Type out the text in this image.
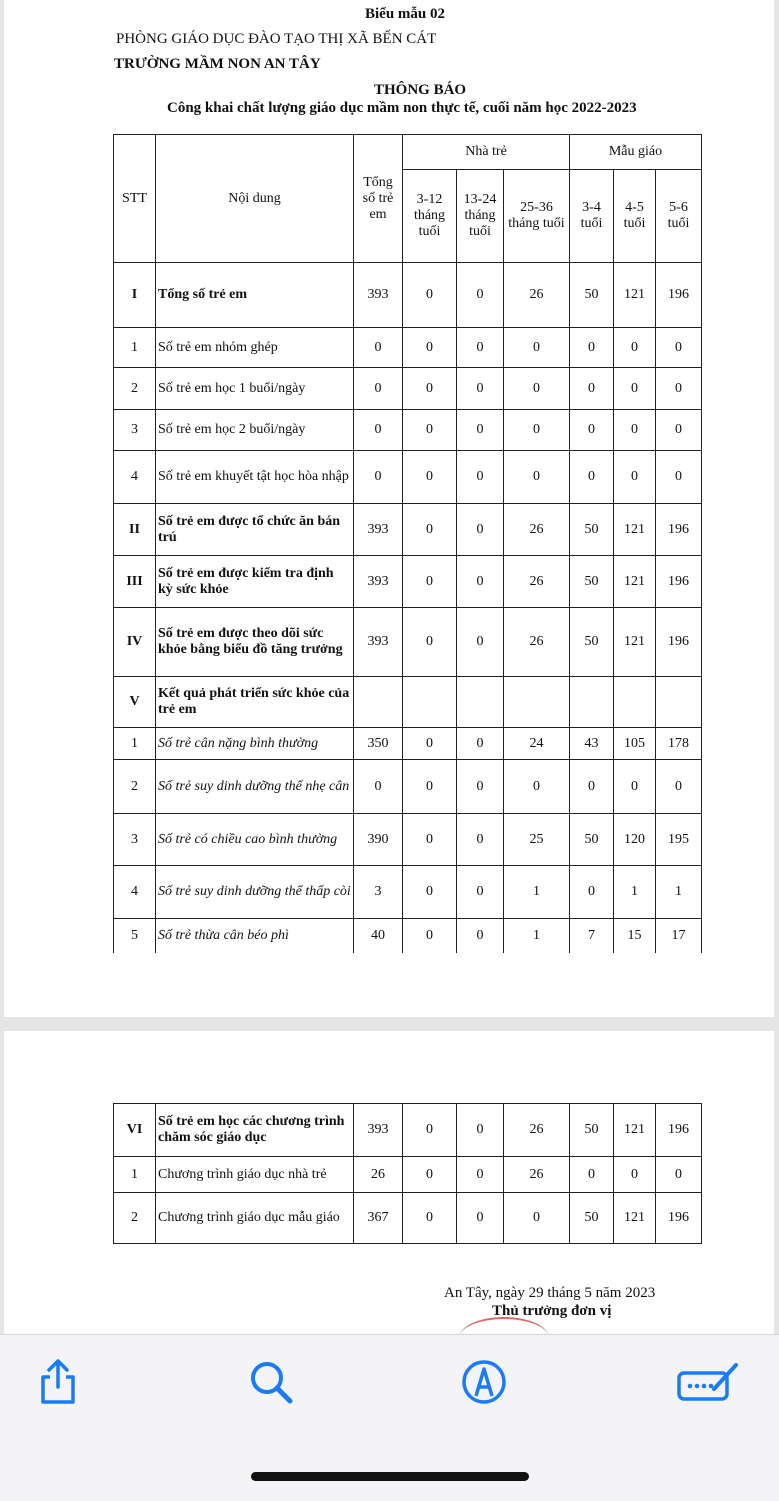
Biểu mẫu 02
PHÒNG GIÁO DỤC ĐÀO TẠO THỊ XÃ BẾN CÁT
TRƯỜNG MẦM NON AN TÂY
THÔNG BÁO
Công khai chất lượng giáo dục mầm non thực tế, cuối năm học 2022-2023
STT	Nội dung	Tổng số trẻ em	Nhà trẻ			Mẫu giáo		
			3-12 tháng tuổi	13-24 tháng tuổi	25-36 tháng tuổi	3-4 tuổi	4-5 tuổi	5-6 tuổi
I	Tổng số trẻ em	393	0	0	26	50	121	196
1	Số trẻ em nhóm ghép	0	0	0	0	0	0	0
2	Số trẻ em học 1 buổi/ngày	0	0	0	0	0	0	0
3	Số trẻ em học 2 buổi/ngày	0	0	0	0	0	0	0
4	Số trẻ em khuyết tật học hòa nhập	0	0	0	0	0	0	0
II	Số trẻ em được tổ chức ăn bán trú	393	0	0	26	50	121	196
III	Số trẻ em được kiểm tra định kỳ sức khỏe	393	0	0	26	50	121	196
IV	Số trẻ em được theo dõi sức khỏe bằng biểu đồ tăng trưởng	393	0	0	26	50	121	196
V	Kết quả phát triển sức khỏe của trẻ em							
1	Số trẻ cân nặng bình thường	350	0	0	24	43	105	178
2	Số trẻ suy dinh dưỡng thể nhẹ cân	0	0	0	0	0	0	0
3	Số trẻ có chiều cao bình thường	390	0	0	25	50	120	195
4	Số trẻ suy dinh dưỡng thể thấp còi	3	0	0	1	0	1	1
5	Số trẻ thừa cân béo phì	40	0	0	1	7	15	17
VI	Số trẻ em học các chương trình chăm sóc giáo dục	393	0	0	26	50	121	196
1	Chương trình giáo dục nhà trẻ	26	0	0	26	0	0	0
2	Chương trình giáo dục mẫu giáo	367	0	0	0	50	121	196
An Tây, ngày 29 tháng 5 năm 2023
Thủ trưởng đơn vị
